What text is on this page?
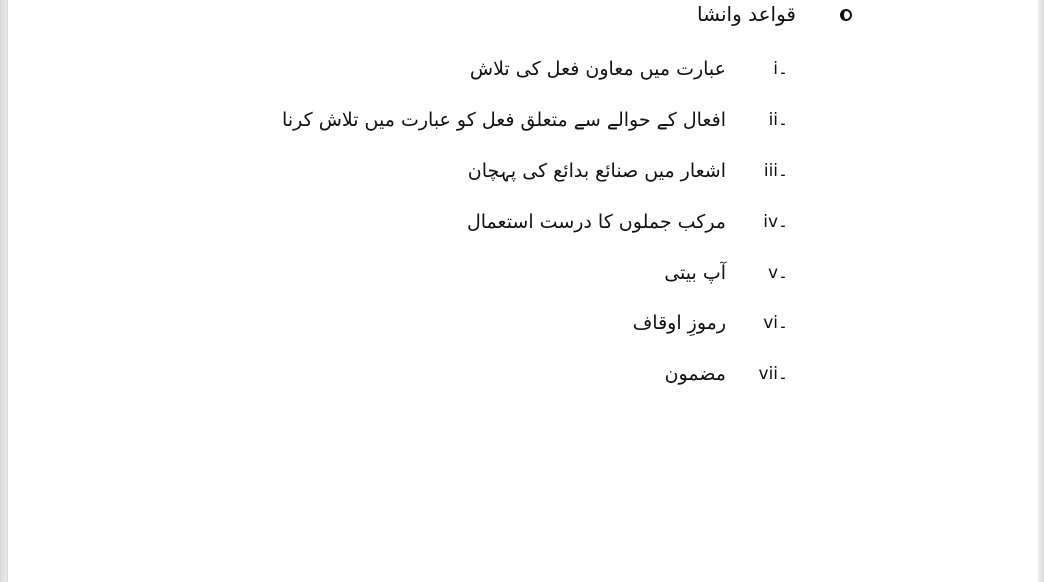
قواعد وانشا
i۔
عبارت میں معاون فعل کی تلاش
ii۔
افعال کے حوالے سے متعلق فعل کو عبارت میں تلاش کرنا
iii۔
اشعار میں صنائع بدائع کی پہچان
iv۔
مرکب جملوں کا درست استعمال
v۔
آپ بیتی
vi۔
رموزِ اوقاف
vii۔
مضمون
